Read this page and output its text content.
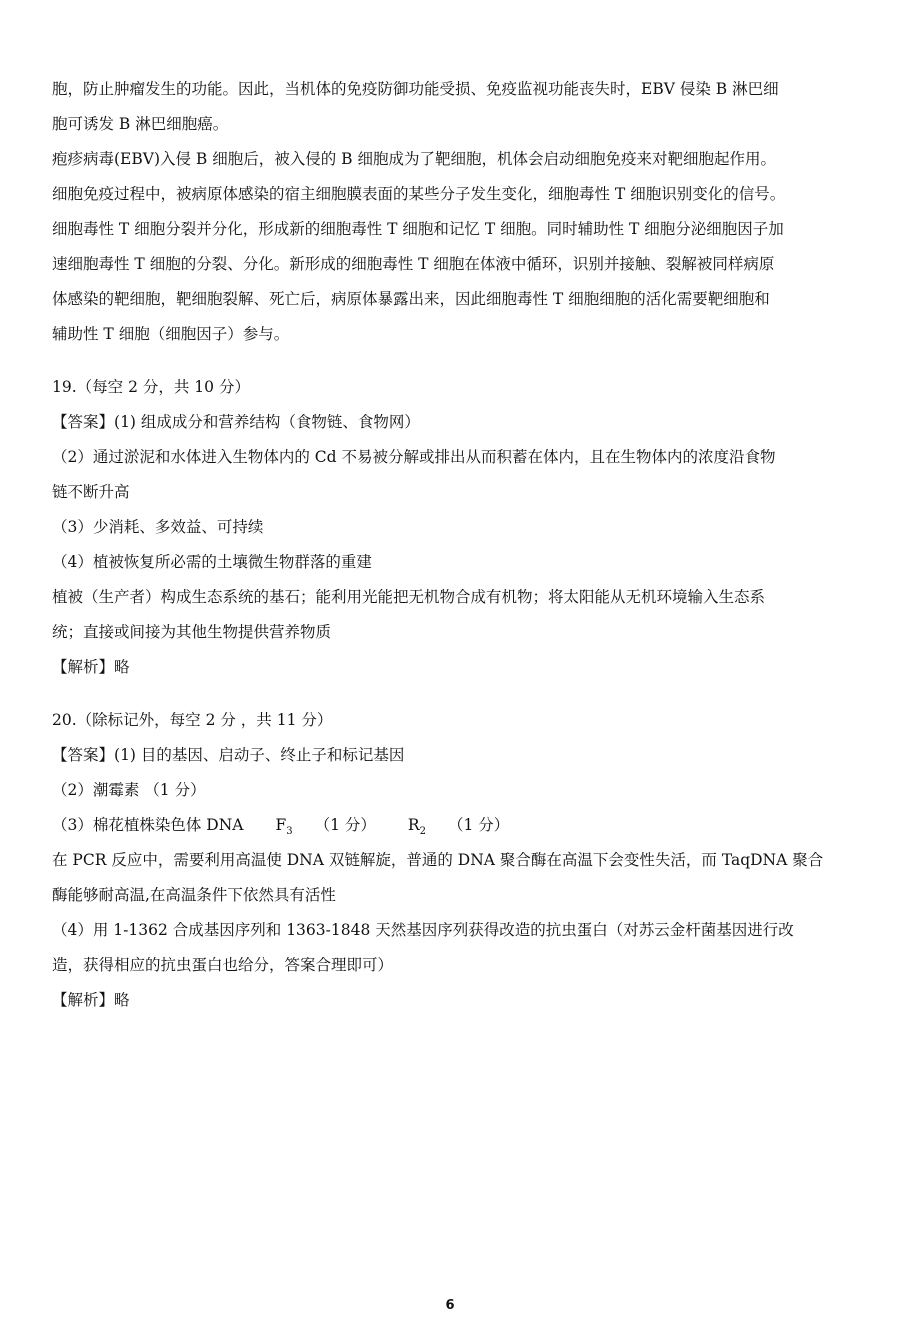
胞，防止肿瘤发生的功能。因此，当机体的免疫防御功能受损、免疫监视功能丧失时，EBV 侵染 B 淋巴细

胞可诱发 B 淋巴细胞癌。

疱疹病毒(EBV)入侵 B 细胞后，被入侵的 B 细胞成为了靶细胞，机体会启动细胞免疫来对靶细胞起作用。

细胞免疫过程中，被病原体感染的宿主细胞膜表面的某些分子发生变化，细胞毒性 T 细胞识别变化的信号。

细胞毒性 T 细胞分裂并分化，形成新的细胞毒性 T 细胞和记忆 T 细胞。同时辅助性 T 细胞分泌细胞因子加

速细胞毒性 T 细胞的分裂、分化。新形成的细胞毒性 T 细胞在体液中循环，识别并接触、裂解被同样病原

体感染的靶细胞，靶细胞裂解、死亡后，病原体暴露出来，因此细胞毒性 T 细胞细胞的活化需要靶细胞和

辅助性 T 细胞（细胞因子）参与。

19.（每空 2 分，共 10 分）

【答案】(1) 组成成分和营养结构（食物链、食物网）

（2）通过淤泥和水体进入生物体内的 Cd 不易被分解或排出从而积蓄在体内，且在生物体内的浓度沿食物

链不断升高

（3）少消耗、多效益、可持续

（4）植被恢复所必需的土壤微生物群落的重建

植被（生产者）构成生态系统的基石；能利用光能把无机物合成有机物；将太阳能从无机环境输入生态系

统；直接或间接为其他生物提供营养物质

【解析】略

20.（除标记外，每空 2 分 ，共 11 分）

【答案】(1) 目的基因、启动子、终止子和标记基因

（2）潮霉素 （1 分）

（3）棉花植株染色体 DNA $F_3$ （1 分） $R_2$ （1 分）

在 PCR 反应中，需要利用高温使 DNA 双链解旋，普通的 DNA 聚合酶在高温下会变性失活，而 TaqDNA 聚合

酶能够耐高温,在高温条件下依然具有活性

（4）用 1-1362 合成基因序列和 1363-1848 天然基因序列获得改造的抗虫蛋白（对苏云金杆菌基因进行改

造，获得相应的抗虫蛋白也给分，答案合理即可）

【解析】略

6
